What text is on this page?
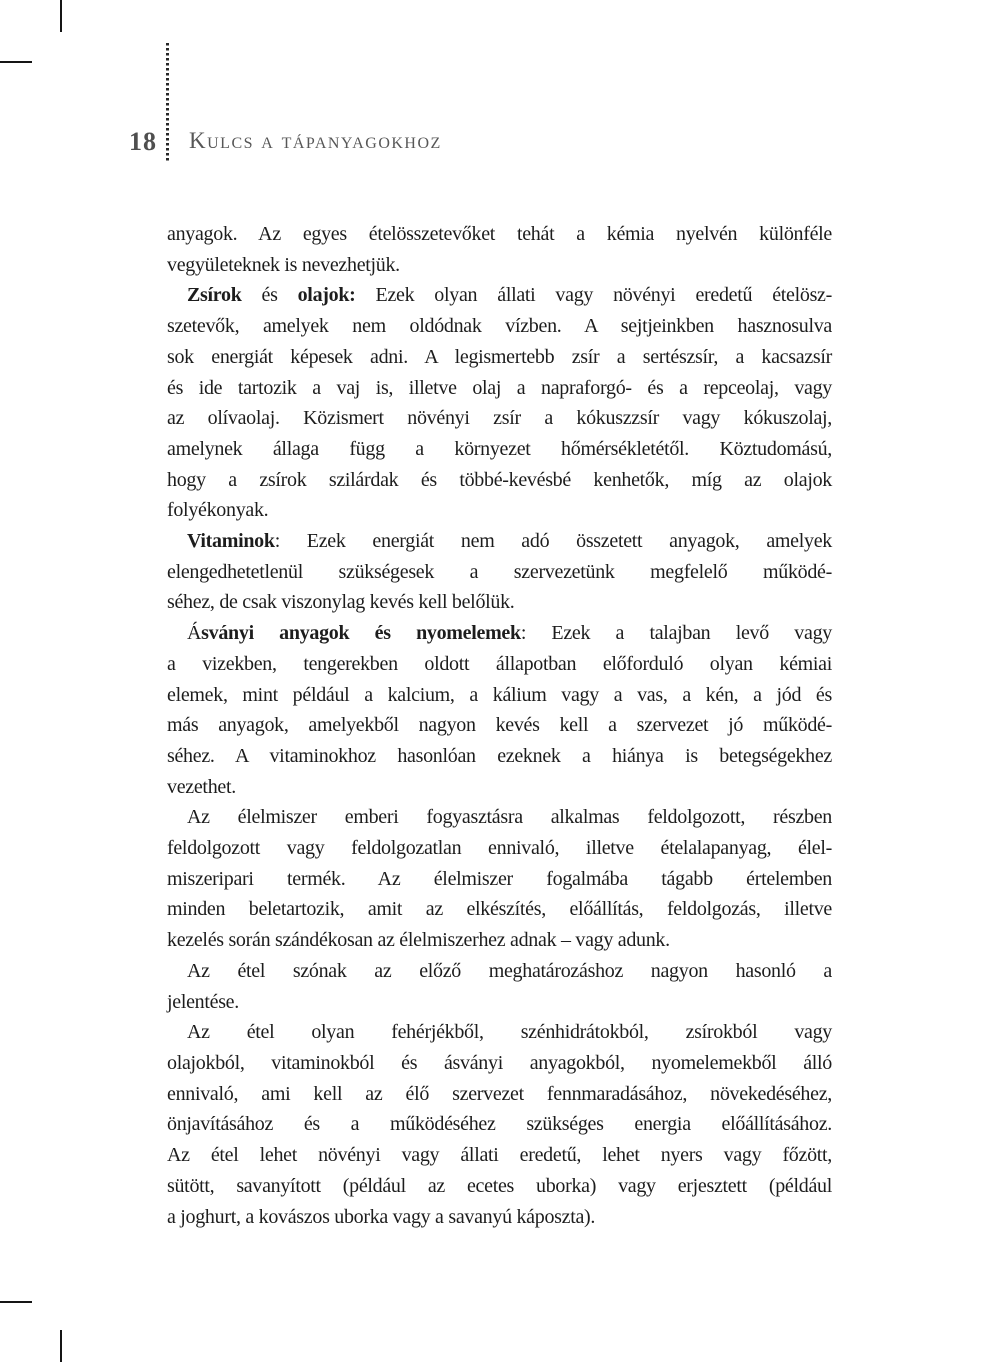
18 Kulcs a tápanyagokhoz
anyagok. Az egyes ételösszetevőket tehát a kémia nyelvén különféle
vegyületeknek is nevezhetjük.
Zsírok és olajok: Ezek olyan állati vagy növényi eredetű ételösz-
szetevők, amelyek nem oldódnak vízben. A sejtjeinkben hasznosulva
sok energiát képesek adni. A legismertebb zsír a sertészsír, a kacsazsír
és ide tartozik a vaj is, illetve olaj a napraforgó- és a repceolaj, vagy
az olívaolaj. Közismert növényi zsír a kókuszzsír vagy kókuszolaj,
amelynek állaga függ a környezet hőmérsékletétől. Köztudomású,
hogy a zsírok szilárdak és többé-kevésbé kenhetők, míg az olajok
folyékonyak.
Vitaminok: Ezek energiát nem adó összetett anyagok, amelyek
elengedhetetlenül szükségesek a szervezetünk megfelelő működé-
séhez, de csak viszonylag kevés kell belőlük.
Ásványi anyagok és nyomelemek: Ezek a talajban levő vagy
a vizekben, tengerekben oldott állapotban előforduló olyan kémiai
elemek, mint például a kalcium, a kálium vagy a vas, a kén, a jód és
más anyagok, amelyekből nagyon kevés kell a szervezet jó működé-
séhez. A vitaminokhoz hasonlóan ezeknek a hiánya is betegségekhez
vezethet.
Az élelmiszer emberi fogyasztásra alkalmas feldolgozott, részben
feldolgozott vagy feldolgozatlan ennivaló, illetve ételalapanyag, élel-
miszeripari termék. Az élelmiszer fogalmába tágabb értelemben
minden beletartozik, amit az elkészítés, előállítás, feldolgozás, illetve
kezelés során szándékosan az élelmiszerhez adnak – vagy adunk.
Az étel szónak az előző meghatározáshoz nagyon hasonló a
jelentése.
Az étel olyan fehérjékből, szénhidrátokból, zsírokból vagy
olajokból, vitaminokból és ásványi anyagokból, nyomelemekből álló
ennivaló, ami kell az élő szervezet fennmaradásához, növekedéséhez,
önjavításához és a működéséhez szükséges energia előállításához.
Az étel lehet növényi vagy állati eredetű, lehet nyers vagy főzött,
sütött, savanyított (például az ecetes uborka) vagy erjesztett (például
a joghurt, a kovászos uborka vagy a savanyú káposzta).
